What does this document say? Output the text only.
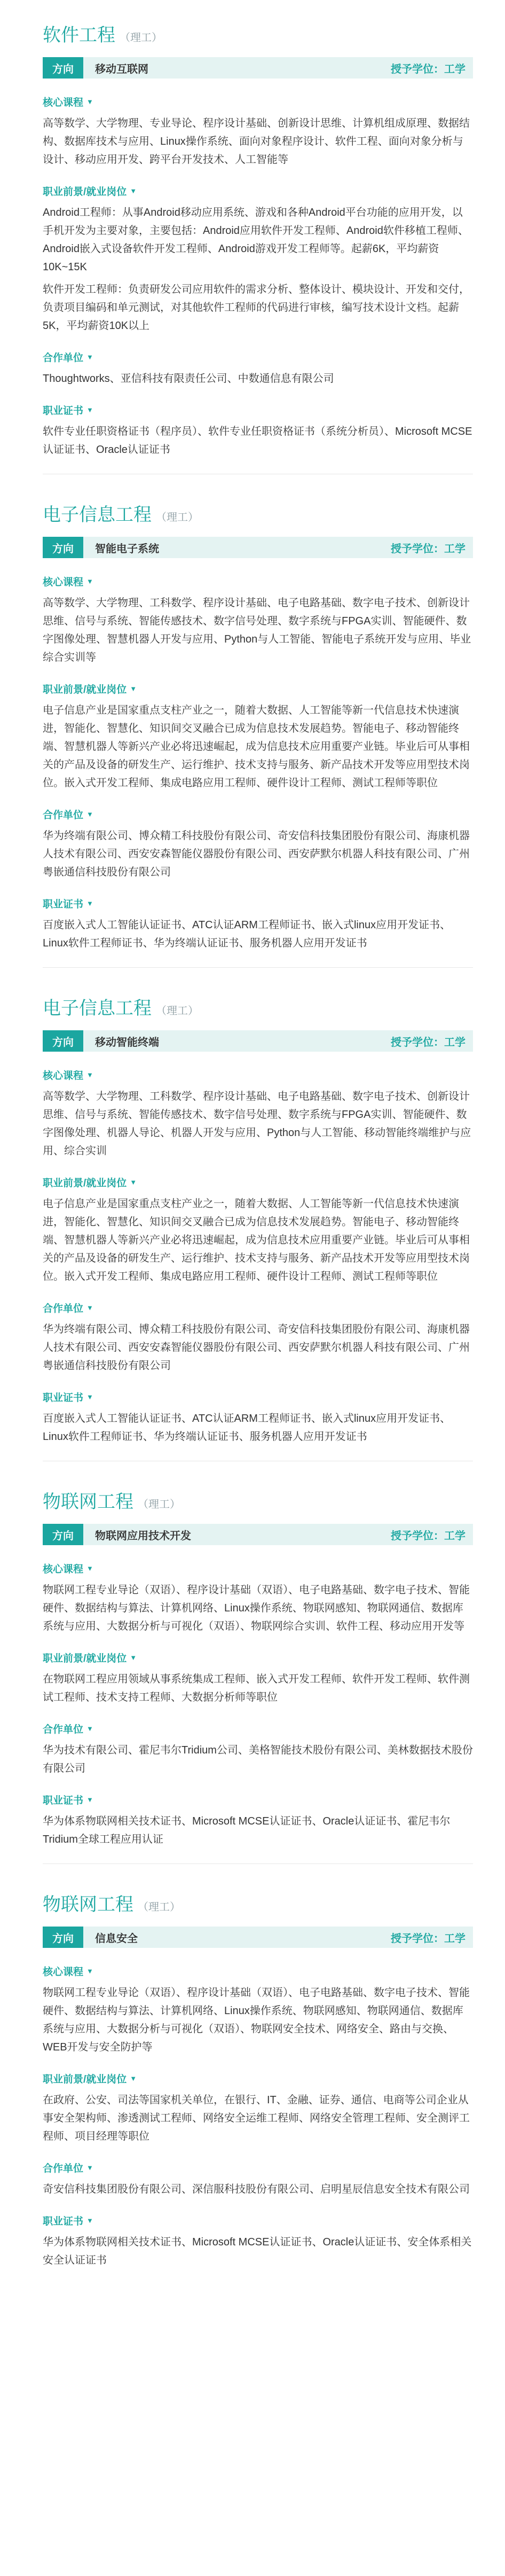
软件工程 （理工）
方向	移动互联网	授予学位：工学
核心课程 ▼

高等数学、大学物理、专业导论、程序设计基础、创新设计思维、计算机组成原理、数据结构、数据库技术与应用、Linux操作系统、面向对象程序设计、软件工程、面向对象分析与设计、移动应用开发、跨平台开发技术、人工智能等

职业前景/就业岗位 ▼

Android工程师：从事Android移动应用系统、游戏和各种Android平台功能的应用开发，以手机开发为主要对象，主要包括：Android应用软件开发工程师、Android软件移植工程师、Android嵌入式设备软件开发工程师、Android游戏开发工程师等。起薪6K，平均薪资10K~15K

软件开发工程师：负责研发公司应用软件的需求分析、整体设计、模块设计、开发和交付，负责项目编码和单元测试，对其他软件工程师的代码进行审核，编写技术设计文档。起薪5K，平均薪资10K以上

合作单位 ▼

Thoughtworks、亚信科技有限责任公司、中数通信息有限公司

职业证书 ▼

软件专业任职资格证书（程序员）、软件专业任职资格证书（系统分析员）、Microsoft MCSE认证证书、Oracle认证证书

电子信息工程 （理工）
方向	智能电子系统	授予学位：工学
核心课程 ▼

高等数学、大学物理、工科数学、程序设计基础、电子电路基础、数字电子技术、创新设计思维、信号与系统、智能传感技术、数字信号处理、数字系统与FPGA实训、智能硬件、数字图像处理、智慧机器人开发与应用、Python与人工智能、智能电子系统开发与应用、毕业综合实训等

职业前景/就业岗位 ▼

电子信息产业是国家重点支柱产业之一，随着大数据、人工智能等新一代信息技术快速演进，智能化、智慧化、知识间交叉融合已成为信息技术发展趋势。智能电子、移动智能终端、智慧机器人等新兴产业必将迅速崛起，成为信息技术应用重要产业链。毕业后可从事相关的产品及设备的研发生产、运行维护、技术支持与服务、新产品技术开发等应用型技术岗位。嵌入式开发工程师、集成电路应用工程师、硬件设计工程师、测试工程师等职位

合作单位 ▼

华为终端有限公司、博众精工科技股份有限公司、奇安信科技集团股份有限公司、海康机器人技术有限公司、西安安森智能仪器股份有限公司、西安萨默尔机器人科技有限公司、广州粤嵌通信科技股份有限公司

职业证书 ▼

百度嵌入式人工智能认证证书、ATC认证ARM工程师证书、嵌入式linux应用开发证书、Linux软件工程师证书、华为终端认证证书、服务机器人应用开发证书

电子信息工程 （理工）
方向	移动智能终端	授予学位：工学
核心课程 ▼

高等数学、大学物理、工科数学、程序设计基础、电子电路基础、数字电子技术、创新设计思维、信号与系统、智能传感技术、数字信号处理、数字系统与FPGA实训、智能硬件、数字图像处理、机器人导论、机器人开发与应用、Python与人工智能、移动智能终端维护与应用、综合实训

职业前景/就业岗位 ▼

电子信息产业是国家重点支柱产业之一，随着大数据、人工智能等新一代信息技术快速演进，智能化、智慧化、知识间交叉融合已成为信息技术发展趋势。智能电子、移动智能终端、智慧机器人等新兴产业必将迅速崛起，成为信息技术应用重要产业链。毕业后可从事相关的产品及设备的研发生产、运行维护、技术支持与服务、新产品技术开发等应用型技术岗位。嵌入式开发工程师、集成电路应用工程师、硬件设计工程师、测试工程师等职位

合作单位 ▼

华为终端有限公司、博众精工科技股份有限公司、奇安信科技集团股份有限公司、海康机器人技术有限公司、西安安森智能仪器股份有限公司、西安萨默尔机器人科技有限公司、广州粤嵌通信科技股份有限公司

职业证书 ▼

百度嵌入式人工智能认证证书、ATC认证ARM工程师证书、嵌入式linux应用开发证书、Linux软件工程师证书、华为终端认证证书、服务机器人应用开发证书

物联网工程 （理工）
方向	物联网应用技术开发	授予学位：工学
核心课程 ▼

物联网工程专业导论（双语）、程序设计基础（双语）、电子电路基础、数字电子技术、智能硬件、数据结构与算法、计算机网络、Linux操作系统、物联网感知、物联网通信、数据库系统与应用、大数据分析与可视化（双语）、物联网综合实训、软件工程、移动应用开发等

职业前景/就业岗位 ▼

在物联网工程应用领域从事系统集成工程师、嵌入式开发工程师、软件开发工程师、软件测试工程师、技术支持工程师、大数据分析师等职位

合作单位 ▼

华为技术有限公司、霍尼韦尔Tridium公司、美格智能技术股份有限公司、美林数据技术股份有限公司

职业证书 ▼

华为体系物联网相关技术证书、Microsoft MCSE认证证书、Oracle认证证书、霍尼韦尔Tridium全球工程应用认证

物联网工程 （理工）
方向	信息安全	授予学位：工学
核心课程 ▼

物联网工程专业导论（双语）、程序设计基础（双语）、电子电路基础、数字电子技术、智能硬件、数据结构与算法、计算机网络、Linux操作系统、物联网感知、物联网通信、数据库系统与应用、大数据分析与可视化（双语）、物联网安全技术、网络安全、路由与交换、WEB开发与安全防护等

职业前景/就业岗位 ▼

在政府、公安、司法等国家机关单位，在银行、IT、金融、证券、通信、电商等公司企业从事安全架构师、渗透测试工程师、网络安全运维工程师、网络安全管理工程师、安全测评工程师、项目经理等职位

合作单位 ▼

奇安信科技集团股份有限公司、深信服科技股份有限公司、启明星辰信息安全技术有限公司

职业证书 ▼

华为体系物联网相关技术证书、Microsoft MCSE认证证书、Oracle认证证书、安全体系相关安全认证证书
